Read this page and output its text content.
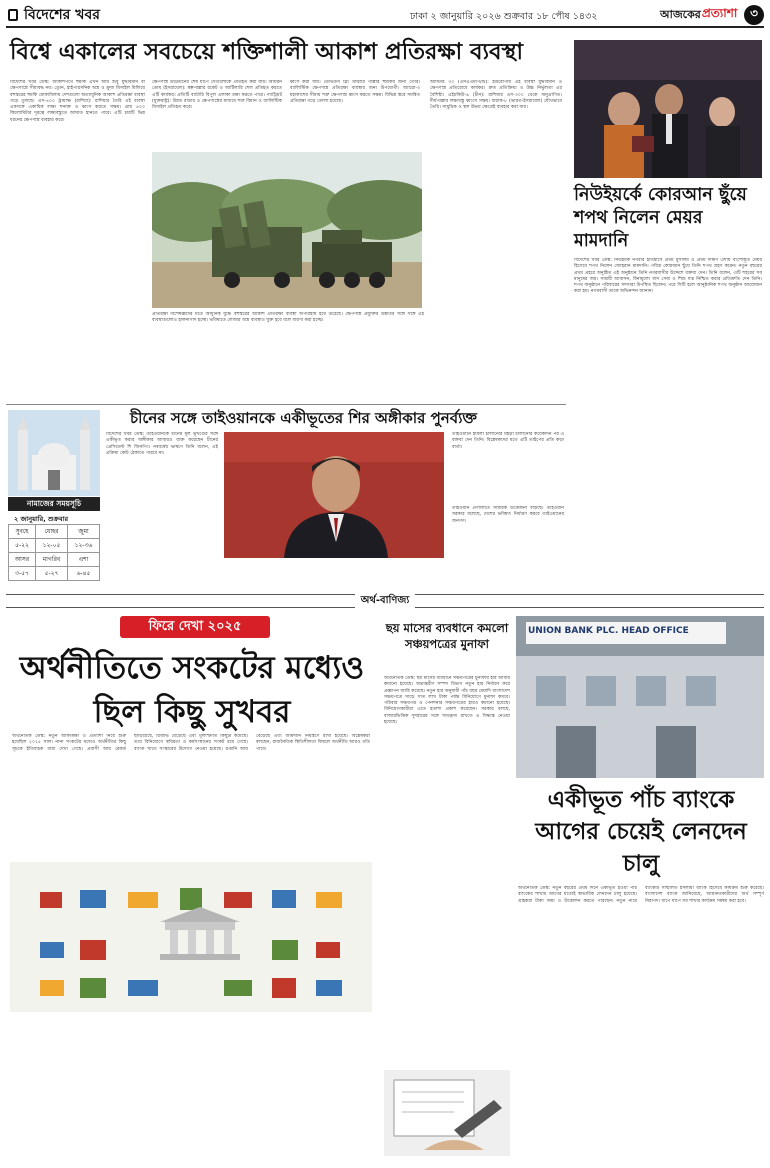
বিদেশের খবর	ঢাকা ২ জানুয়ারি ২০২৬ শুক্রবার ১৮ পৌষ ১৪৩২	আজকের প্রত্যাশা	৩
বিশ্বে একালের সবচেয়ে শক্তিশালী আকাশ প্রতিরক্ষা ব্যবস্থা
বিদেশের খবর ডেস্ক: আকাশপথে হুমকি এখন আর শুধু যুদ্ধবিমান বা ক্ষেপণাস্ত্রে সীমাবদ্ধ নয়। ড্রোন, হাইপারসনিক অস্ত্র ও ক্রুজ মিসাইল মিলিয়ে বহুস্তরের হুমকি মোকাবিলায় দেশগুলো অত্যাধুনিক আকাশ প্রতিরক্ষা ব্যবস্থা গড়ে তুলছে। এস-৪০০ ট্রায়াম্ফ (রাশিয়া): রাশিয়ার তৈরি এই ব্যবস্থা একসঙ্গে একাধিক লক্ষ্য শনাক্ত ও ধ্বংস করতে সক্ষম। প্রায় ৪০০ কিলোমিটার দূরত্বে লক্ষ্যবস্তুতে আঘাত হানতে পারে। এটি চারটি ভিন্ন ধরনের ক্ষেপণাস্ত্র ব্যবহার করে।
ক্ষেপণাস্ত্র উড্ডয়নের শেষ ধাপে সেগুলোকে প্রতিহত করা যায়। আয়রন ডোম (ইসরায়েল): স্বল্পপাল্লার রকেট ও আর্টিলারি শেল প্রতিহত করতে এটি কার্যকর। প্রতিটি ব্যাটারি বিপুল এলাকা রক্ষা করতে পারে। প্যাট্রিয়ট (যুক্তরাষ্ট্র): উন্নত রাডার ও ক্ষেপণাস্ত্রের মাধ্যমে শত্রু বিমান ও ব্যালিস্টিক মিসাইল প্রতিহত করে।
ধ্বংস করা যায়। ডেভিডস স্লিং মাঝারি পাল্লার হুমকির জন্য তৈরি। ব্যালিস্টিক ক্ষেপণাস্ত্র প্রতিরক্ষা ব্যবস্থার জন্য উপযোগী। অ্যারো-৩ মহাকাশের সীমায় শত্রু ক্ষেপণাস্ত্র ধ্বংস করতে সক্ষম। বিভিন্ন স্তরে সমন্বিত প্রতিরক্ষা গড়ে তোলা হয়েছে।
অ্যাস্টার ৩০ (এসএএমপি/টি): ইউরোপীয় এই ব্যবস্থা যুদ্ধবিমান ও ক্ষেপণাস্ত্র প্রতিরোধে কার্যকর। দ্রুত প্রতিক্রিয়া ও উচ্চ নির্ভুলতা এর বৈশিষ্ট্য। এইচকিউ-৯ (চীন): রাশিয়ার এস-৩০০ থেকে অনুপ্রাণিত। দীর্ঘপাল্লার লক্ষ্যবস্তু ধ্বংসে সক্ষম। বারাক-৮ (ভারত-ইসরায়েল) যৌথভাবে তৈরি। সামুদ্রিক ও স্থল উভয় ক্ষেত্রেই ব্যবহার করা যায়।
প্রতিরক্ষা বিশেষজ্ঞদের মতে আধুনিক যুদ্ধে বহুস্তরের আকাশ প্রতিরক্ষা ব্যবস্থা অপরিহার্য হয়ে উঠেছে। ক্ষেপণাস্ত্র প্রযুক্তির উন্নতির সঙ্গে সঙ্গে এই ব্যবস্থাগুলোও হালনাগাদ হচ্ছে। ভবিষ্যতে লেজার অস্ত্র ব্যবস্থাও যুক্ত হবে বলে ধারণা করা হচ্ছে।
নিউইয়র্কে কোরআন ছুঁয়ে শপথ নিলেন মেয়র মামদানি
বিদেশের খবর ডেস্ক: নিউইয়র্ক নগরীর ইতিহাসে প্রথম মুসলিম ও প্রথম দক্ষিণ এশীয় বংশোদ্ভূত মেয়র হিসেবে শপথ নিলেন জোহরান মামদানি। পবিত্র কোরআন ছুঁয়ে তিনি শপথ গ্রহণ করেন। নতুন বছরের প্রথম প্রহরে অনুষ্ঠিত এই অনুষ্ঠানে তিনি নগরবাসীর উদ্দেশে বক্তব্য দেন। তিনি বলেন, এটি শহরের সব মানুষের জয়। সাশ্রয়ী আবাসন, বিনামূল্যে বাস সেবা ও শিশু যত্ন নিশ্চিত করার প্রতিশ্রুতি দেন তিনি। শপথ অনুষ্ঠানে পরিবারের সদস্যরা উপস্থিত ছিলেন। পরে সিটি হলে আনুষ্ঠানিক শপথ অনুষ্ঠান আয়োজন করা হয়। নগরবাসী তাকে অভিনন্দন জানান।
চীনের সঙ্গে তাইওয়ানকে একীভূতের শির অঙ্গীকার পুনর্ব্যক্ত
নামাজের সময়সূচি
২ জানুয়ারি, শুক্রবার
সুবহে	যোহর	জুমা
৫-২২	১২-০৫	১২-৩৬
আসর	মাগরিব	এশা
৩-৫৭	৫-২৭	৬-৪৫
বিদেশের খবর ডেস্ক: তাইওয়ানকে চীনের মূল ভূখণ্ডের সঙ্গে একীভূত করার অঙ্গীকার আবারও ব্যক্ত করেছেন চীনের প্রেসিডেন্ট শি জিনপিং। নববর্ষের ভাষণে তিনি বলেন, এই প্রক্রিয়া কেউ ঠেকাতে পারবে না।
তাইওয়ানে হামলা চালানোর মহড়া চালানোর কয়েকদিন পর এ বক্তব্য দেন তিনি। বিশ্লেষকদের মতে এটি তাইপের প্রতি কড়া বার্তা।
তাইওয়ান প্রণালিতে সামরিক উত্তেজনা বাড়ছে। তাইওয়ান সরকার বলেছে, দেশের ভবিষ্যৎ নির্ধারণ করবে তাইওয়ানের জনগণ।
অর্থ-বাণিজ্য
ফিরে দেখা ২০২৫
অর্থনীতিতে সংকটের মধ্যেও ছিল কিছু সুখবর
অর্থনৈতিক ডেস্ক: নতুন আকাঙ্ক্ষা ও প্রত্যাশা নিয়ে শুরু হয়েছিল ২০২৫ সাল। নানা সংকটের মধ্যেও অর্থনীতির কিছু সূচকে ইতিবাচক ধারা দেখা গেছে। প্রবাসী আয় রেকর্ড ছাড়িয়েছে, রিজার্ভ বেড়েছে এবং মূল্যস্ফীতি কিছুটা কমেছে। তবে বিনিয়োগে স্থবিরতা ও কর্মসংস্থানের সংকট রয়ে গেছে। ব্যাংক খাতে সংস্কারের উদ্যোগ নেওয়া হয়েছে। রপ্তানি আয় বেড়েছে এবং আমদানি নিয়ন্ত্রণে রাখা হয়েছে। বিশ্লেষকরা বলছেন, রাজনৈতিক স্থিতিশীলতা ফিরলে অর্থনীতি আরও গতি পাবে।
ছয় মাসের ব্যবধানে কমলো সঞ্চয়পত্রের মুনাফা
অর্থনৈতিক ডেস্ক: ছয় মাসের ব্যবধানে সঞ্চয়পত্রের মুনাফার হার আবার কমানো হয়েছে। অভ্যন্তরীণ সম্পদ বিভাগ নতুন হার নির্ধারণ করে প্রজ্ঞাপন জারি করেছে। নতুন হার অনুযায়ী পাঁচ বছর মেয়াদি বাংলাদেশ সঞ্চয়পত্রে সাড়ে সাত লাখ টাকা পর্যন্ত বিনিয়োগে মুনাফা কমবে। পরিবার সঞ্চয়পত্র ও পেনশনার সঞ্চয়পত্রের হারও কমানো হয়েছে। বিনিয়োগকারীরা এতে হতাশা প্রকাশ করেছেন। সরকার বলছে, বাজারভিত্তিক সুদহারের সঙ্গে সামঞ্জস্য রাখতে এ সিদ্ধান্ত নেওয়া হয়েছে।
UNION BANK PLC. HEAD OFFICE
একীভূত পাঁচ ব্যাংকে আগের চেয়েই লেনদেন চালু
অর্থনৈতিক ডেস্ক: নতুন বছরের প্রথম দিনে একীভূত হওয়া পাঁচ ব্যাংকের শাখায় আগের মতোই স্বাভাবিক লেনদেন চালু হয়েছে। গ্রাহকরা টাকা জমা ও উত্তোলন করতে পারছেন। নতুন নামে ব্যাংকটি সম্মিলিত ইসলামী ব্যাংক হিসেবে কার্যক্রম শুরু করেছে। বাংলাদেশ ব্যাংক জানিয়েছে, আমানতকারীদের অর্থ সম্পূর্ণ নিরাপদ। ধাপে ধাপে সব শাখার কার্যক্রম সমন্বয় করা হবে।
